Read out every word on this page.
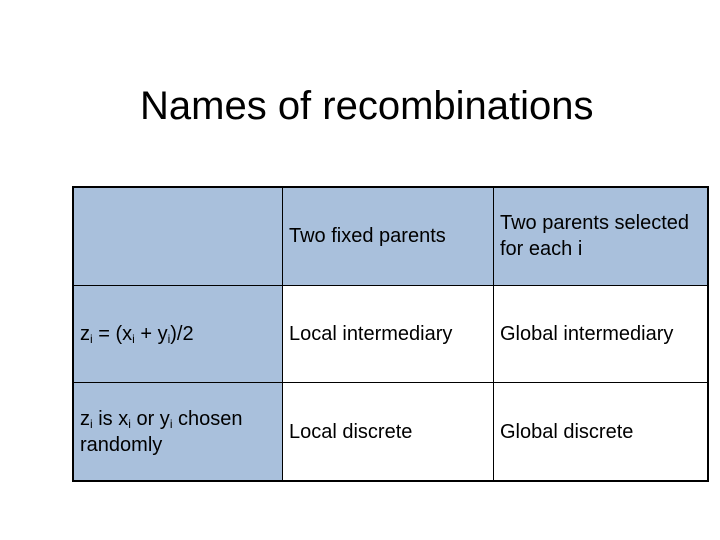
Names of recombinations
	Two fixed parents	Two parents selected for each i
$z_i = (x_i + y_i)/2$	Local intermediary	Global intermediary
$z_i$ is $x_i$ or $y_i$ chosen randomly	Local discrete	Global discrete
